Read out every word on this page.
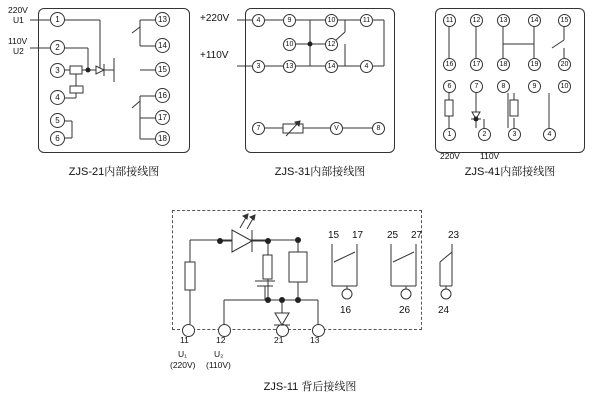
220V
U1
110V
U2
1
2
3
4
5
6
13
14
15
16
17
18
ZJS-21内部接线图
+220V
+110V
4	9	10	11
10	12
3	13	14	4
7	8
V
ZJS-31内部接线图
11	12	13	14	15
16	17	18	19	20
6	7	8	9	10
1	2	3	4
220V 110V
ZJS-41内部接线图
11	12	21	13
U₁
(220V)
U₂
(110V)
15 17 25 27	23
16	26	24
ZJS-11 背后接线图
